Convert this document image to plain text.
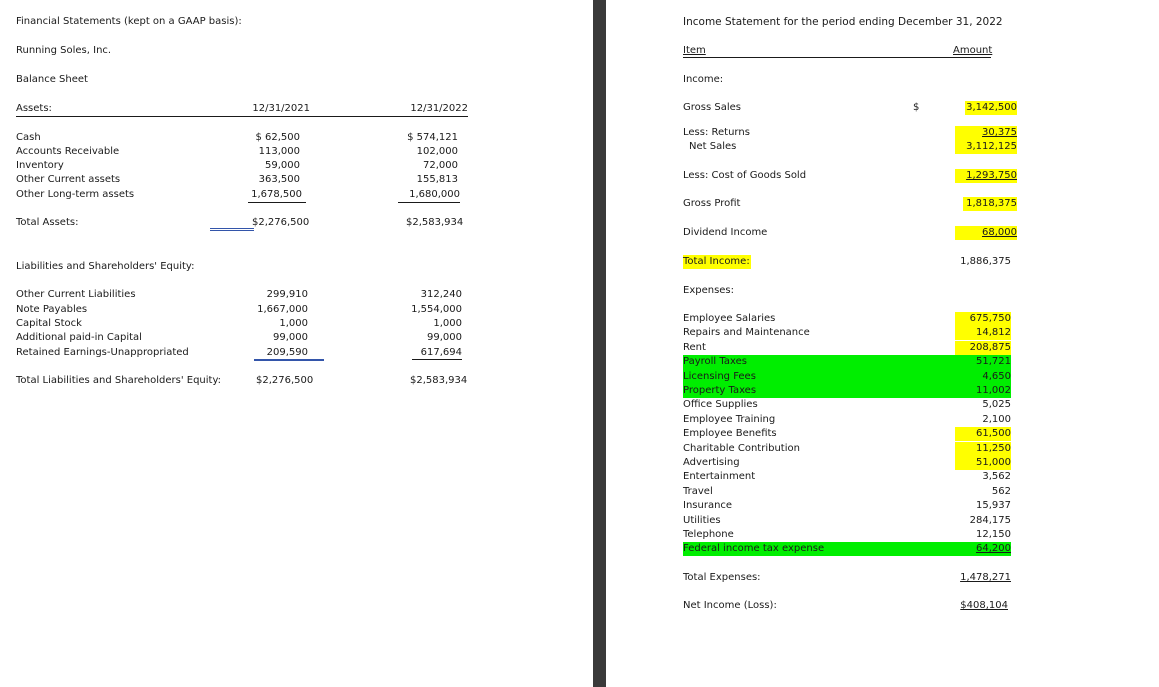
Financial Statements (kept on a GAAP basis):
Running Soles, Inc.
Balance Sheet
Assets:	12/31/2021	12/31/2022
Cash	$ 62,500	$ 574,121
Accounts Receivable	113,000	102,000
Inventory	59,000	72,000
Other Current assets	363,500	155,813
Other Long-term assets	1,678,500	1,680,000
Total Assets:	$2,276,500	$2,583,934
Liabilities and Shareholders' Equity:
Other Current Liabilities	299,910	312,240
Note Payables	1,667,000	1,554,000
Capital Stock	1,000	1,000
Additional paid-in Capital	99,000	99,000
Retained Earnings-Unappropriated	209,590	617,694
Total Liabilities and Shareholders' Equity:	$2,276,500	$2,583,934
Income Statement for the period ending December 31, 2022
Item	Amount
Income:
Gross Sales	$	3,142,500
Less: Returns	30,375
Net Sales	3,112,125
Less: Cost of Goods Sold	1,293,750
Gross Profit	1,818,375
Dividend Income	68,000
Total Income:	1,886,375
Expenses:
Employee Salaries	675,750
Repairs and Maintenance	14,812
Rent	208,875
Payroll Taxes	51,721
Licensing Fees	4,650
Property Taxes	11,002
Office Supplies	5,025
Employee Training	2,100
Employee Benefits	61,500
Charitable Contribution	11,250
Advertising	51,000
Entertainment	3,562
Travel	562
Insurance	15,937
Utilities	284,175
Telephone	12,150
Federal income tax expense	64,200
Total Expenses:	1,478,271
Net Income (Loss):	$408,104
